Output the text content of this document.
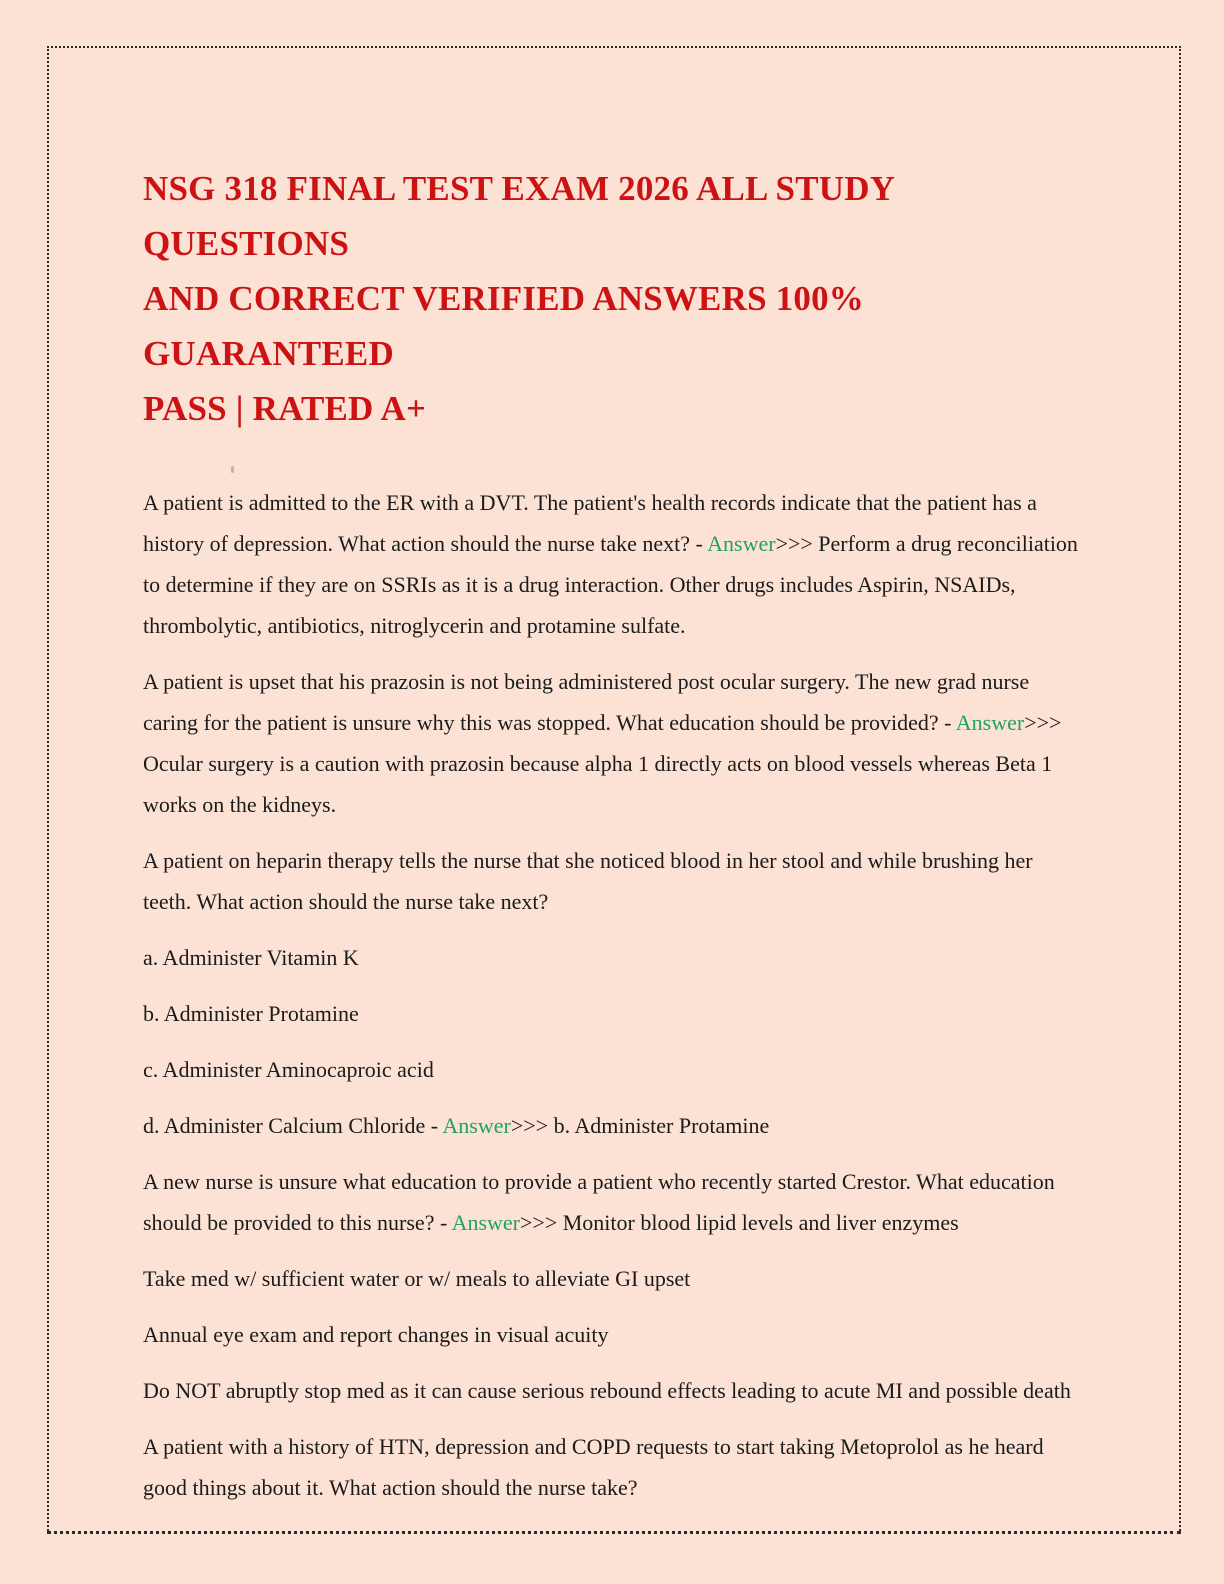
NSG 318 FINAL TEST EXAM 2026 ALL STUDY QUESTIONS
AND CORRECT VERIFIED ANSWERS 100% GUARANTEED
PASS | RATED A+

A patient is admitted to the ER with a DVT. The patient's health records indicate that the patient has a history of depression. What action should the nurse take next? - Answer>>> Perform a drug reconciliation to determine if they are on SSRIs as it is a drug interaction. Other drugs includes Aspirin, NSAIDs, thrombolytic, antibiotics, nitroglycerin and protamine sulfate.

A patient is upset that his prazosin is not being administered post ocular surgery. The new grad nurse caring for the patient is unsure why this was stopped. What education should be provided? - Answer>>> Ocular surgery is a caution with prazosin because alpha 1 directly acts on blood vessels whereas Beta 1 works on the kidneys.

A patient on heparin therapy tells the nurse that she noticed blood in her stool and while brushing her teeth. What action should the nurse take next?

a. Administer Vitamin K

b. Administer Protamine

c. Administer Aminocaproic acid

d. Administer Calcium Chloride - Answer>>> b. Administer Protamine

A new nurse is unsure what education to provide a patient who recently started Crestor. What education should be provided to this nurse? - Answer>>> Monitor blood lipid levels and liver enzymes

Take med w/ sufficient water or w/ meals to alleviate GI upset

Annual eye exam and report changes in visual acuity

Do NOT abruptly stop med as it can cause serious rebound effects leading to acute MI and possible death

A patient with a history of HTN, depression and COPD requests to start taking Metoprolol as he heard good things about it. What action should the nurse take?
